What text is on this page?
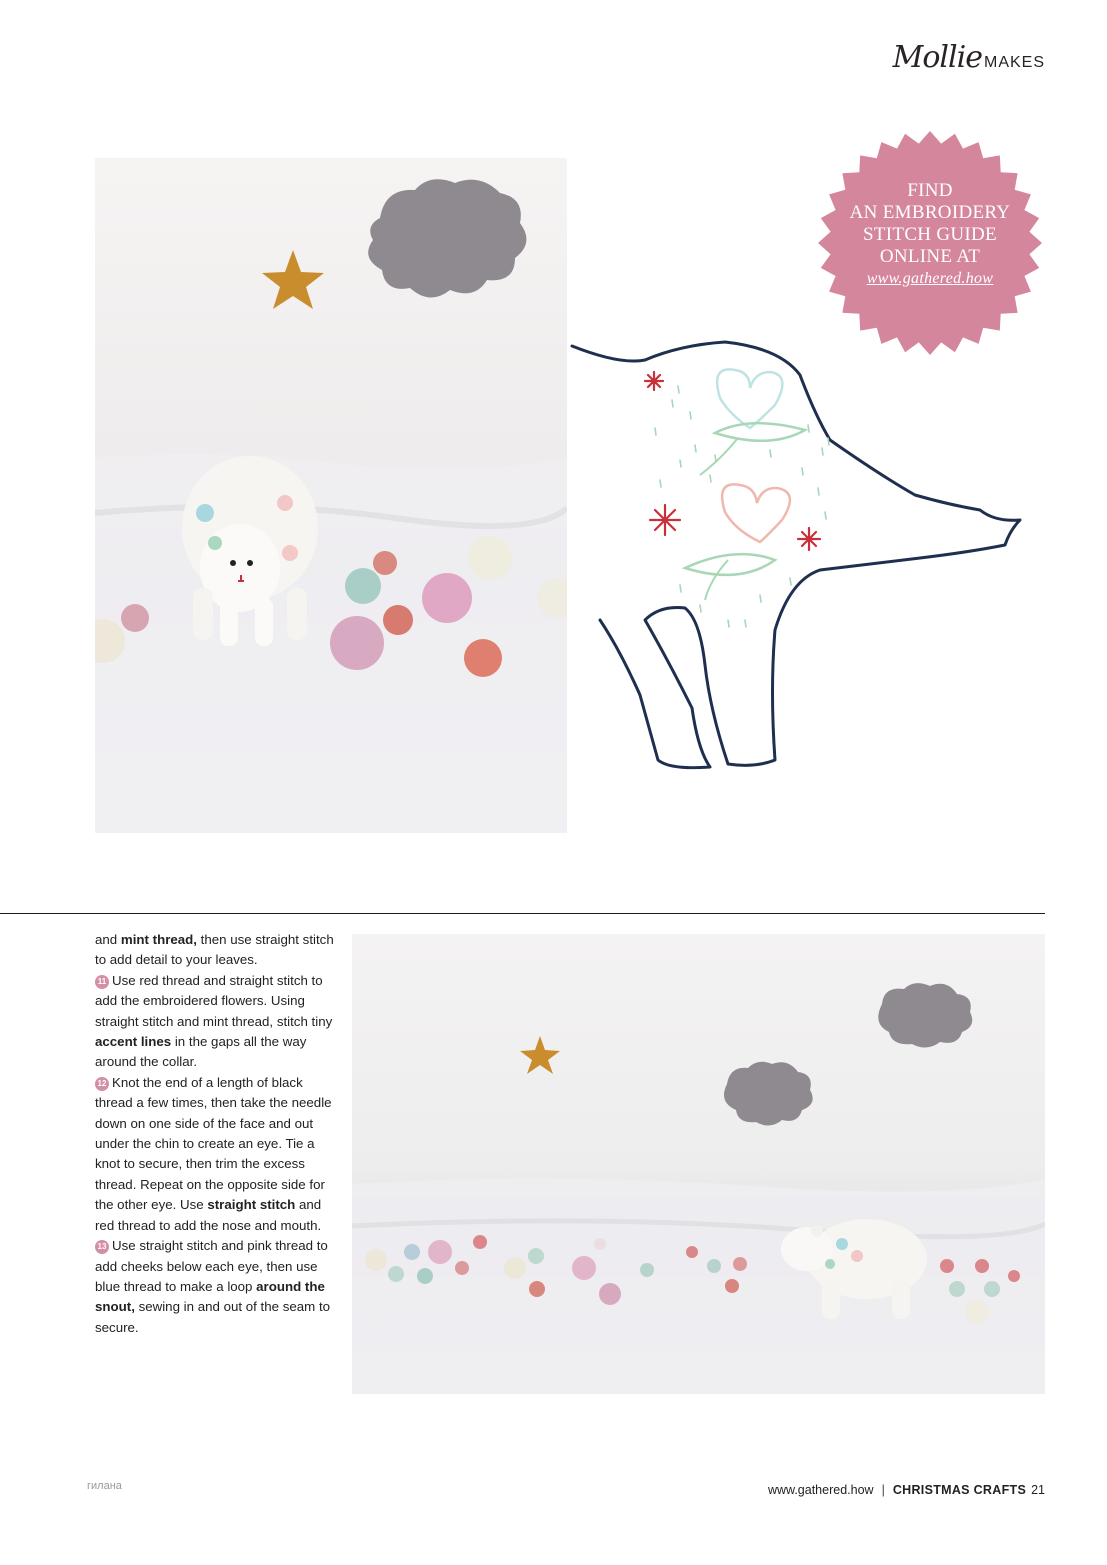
Mollie MAKES
FIND
AN EMBROIDERY
STITCH GUIDE
ONLINE AT
www.gathered.how
and mint thread, then use straight stitch to add detail to your leaves.
11 Use red thread and straight stitch to add the embroidered flowers. Using straight stitch and mint thread, stitch tiny accent lines in the gaps all the way around the collar.
12 Knot the end of a length of black thread a few times, then take the needle down on one side of the face and out under the chin to create an eye. Tie a knot to secure, then trim the excess thread. Repeat on the opposite side for the other eye. Use straight stitch and red thread to add the nose and mouth.
13 Use straight stitch and pink thread to add cheeks below each eye, then use blue thread to make a loop around the snout, sewing in and out of the seam to secure.
www.gathered.how | CHRISTMAS CRAFTS 21
гилана
